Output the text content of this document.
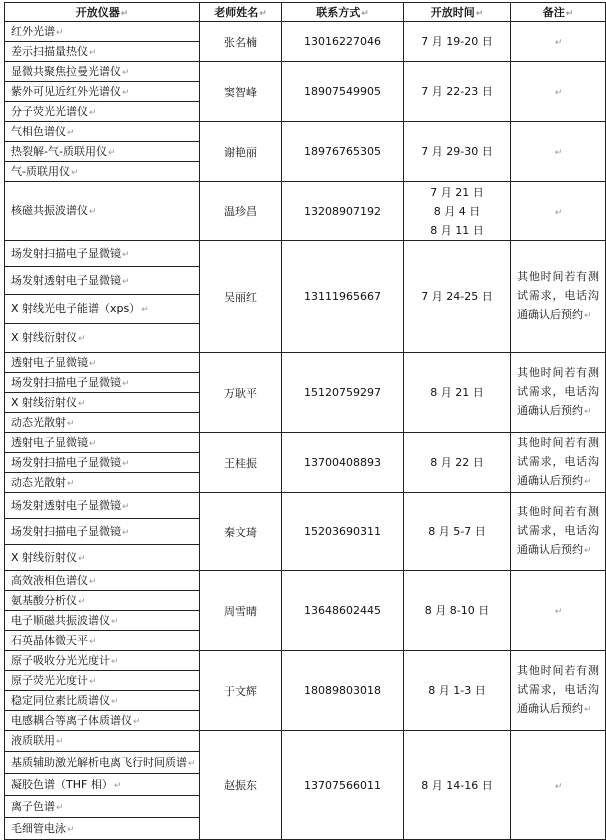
开放仪器↵	老师姓名↵	联系方式↵	开放时间↵	备注↵

红外光谱↵
差示扫描量热仪↵	张名楠	13016227046	7 月 19-20 日	↵

显微共聚焦拉曼光谱仪↵
紫外可见近红外光谱仪↵
分子荧光光谱仪↵	窦智峰	18907549905	7 月 22-23 日	↵

气相色谱仪↵
热裂解-气-质联用仪↵
气-质联用仪↵	谢艳丽	18976765305	7 月 29-30 日	↵

核磁共振波谱仪↵	温珍昌	13208907192	7 月 21 日
8 月 4 日
8 月 11 日	↵

场发射扫描电子显微镜↵
场发射透射电子显微镜↵
X 射线光电子能谱（xps）↵
X 射线衍射仪↵	吴丽红	13111965667	7 月 24-25 日	其他时间若有测试需求，电话沟通确认后预约↵

透射电子显微镜↵
场发射扫描电子显微镜↵
X 射线衍射仪↵
动态光散射↵	万耿平	15120759297	8 月 21 日	其他时间若有测试需求，电话沟通确认后预约↵

透射电子显微镜↵
场发射扫描电子显微镜↵
动态光散射↵	王桂振	13700408893	8 月 22 日	其他时间若有测试需求，电话沟通确认后预约↵

场发射透射电子显微镜↵
场发射扫描电子显微镜↵
X 射线衍射仪↵	秦文琦	15203690311	8 月 5-7 日	其他时间若有测试需求，电话沟通确认后预约↵

高效液相色谱仪↵
氨基酸分析仪↵
电子顺磁共振波谱仪↵
石英晶体微天平↵	周雪晴	13648602445	8 月 8-10 日	↵

原子吸收分光光度计↵
原子荧光光度计↵
稳定同位素比质谱仪↵
电感耦合等离子体质谱仪↵	于文辉	18089803018	8 月 1-3 日	其他时间若有测试需求，电话沟通确认后预约↵

液质联用↵
基质辅助激光解析电离飞行时间质谱↵
凝胶色谱（THF 相）↵
离子色谱↵
毛细管电泳↵	赵振东	13707566011	8 月 14-16 日	↵
